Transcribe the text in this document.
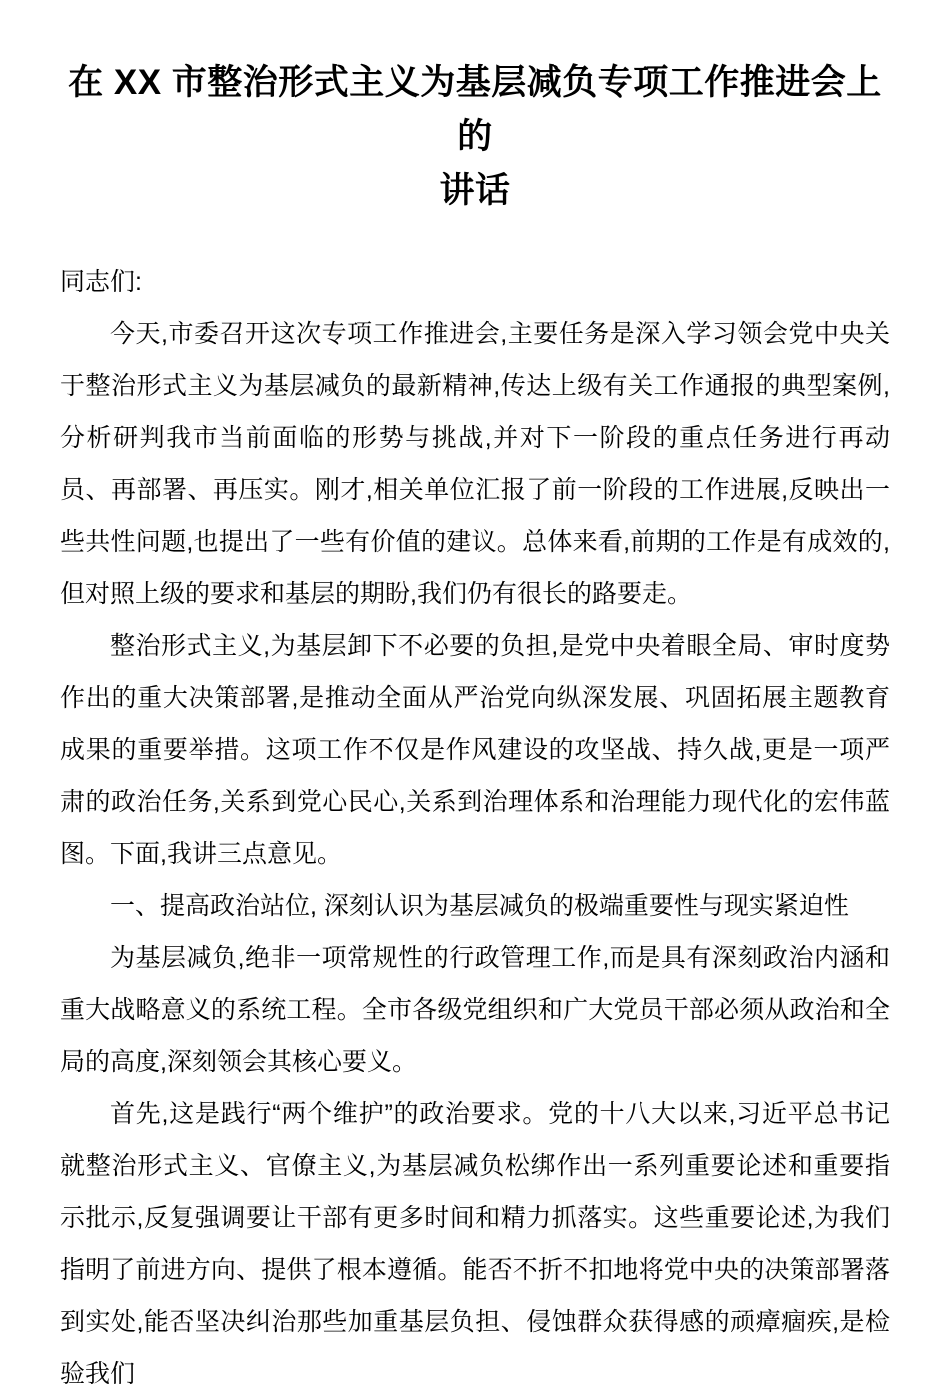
在 XX 市整治形式主义为基层减负专项工作推进会上的
讲话

同志们:

今天,市委召开这次专项工作推进会,主要任务是深入学习领会党中央关于整治形式主义为基层减负的最新精神,传达上级有关工作通报的典型案例,分析研判我市当前面临的形势与挑战,并对下一阶段的重点任务进行再动员、再部署、再压实。刚才,相关单位汇报了前一阶段的工作进展,反映出一些共性问题,也提出了一些有价值的建议。总体来看,前期的工作是有成效的,但对照上级的要求和基层的期盼,我们仍有很长的路要走。

整治形式主义,为基层卸下不必要的负担,是党中央着眼全局、审时度势作出的重大决策部署,是推动全面从严治党向纵深发展、巩固拓展主题教育成果的重要举措。这项工作不仅是作风建设的攻坚战、持久战,更是一项严肃的政治任务,关系到党心民心,关系到治理体系和治理能力现代化的宏伟蓝图。下面,我讲三点意见。

一、提高政治站位, 深刻认识为基层减负的极端重要性与现实紧迫性

为基层减负,绝非一项常规性的行政管理工作,而是具有深刻政治内涵和重大战略意义的系统工程。全市各级党组织和广大党员干部必须从政治和全局的高度,深刻领会其核心要义。

首先,这是践行“两个维护”的政治要求。党的十八大以来,习近平总书记就整治形式主义、官僚主义,为基层减负松绑作出一系列重要论述和重要指示批示,反复强调要让干部有更多时间和精力抓落实。这些重要论述,为我们指明了前进方向、提供了根本遵循。能否不折不扣地将党中央的决策部署落到实处,能否坚决纠治那些加重基层负担、侵蚀群众获得感的顽瘴痼疾,是检验我们
